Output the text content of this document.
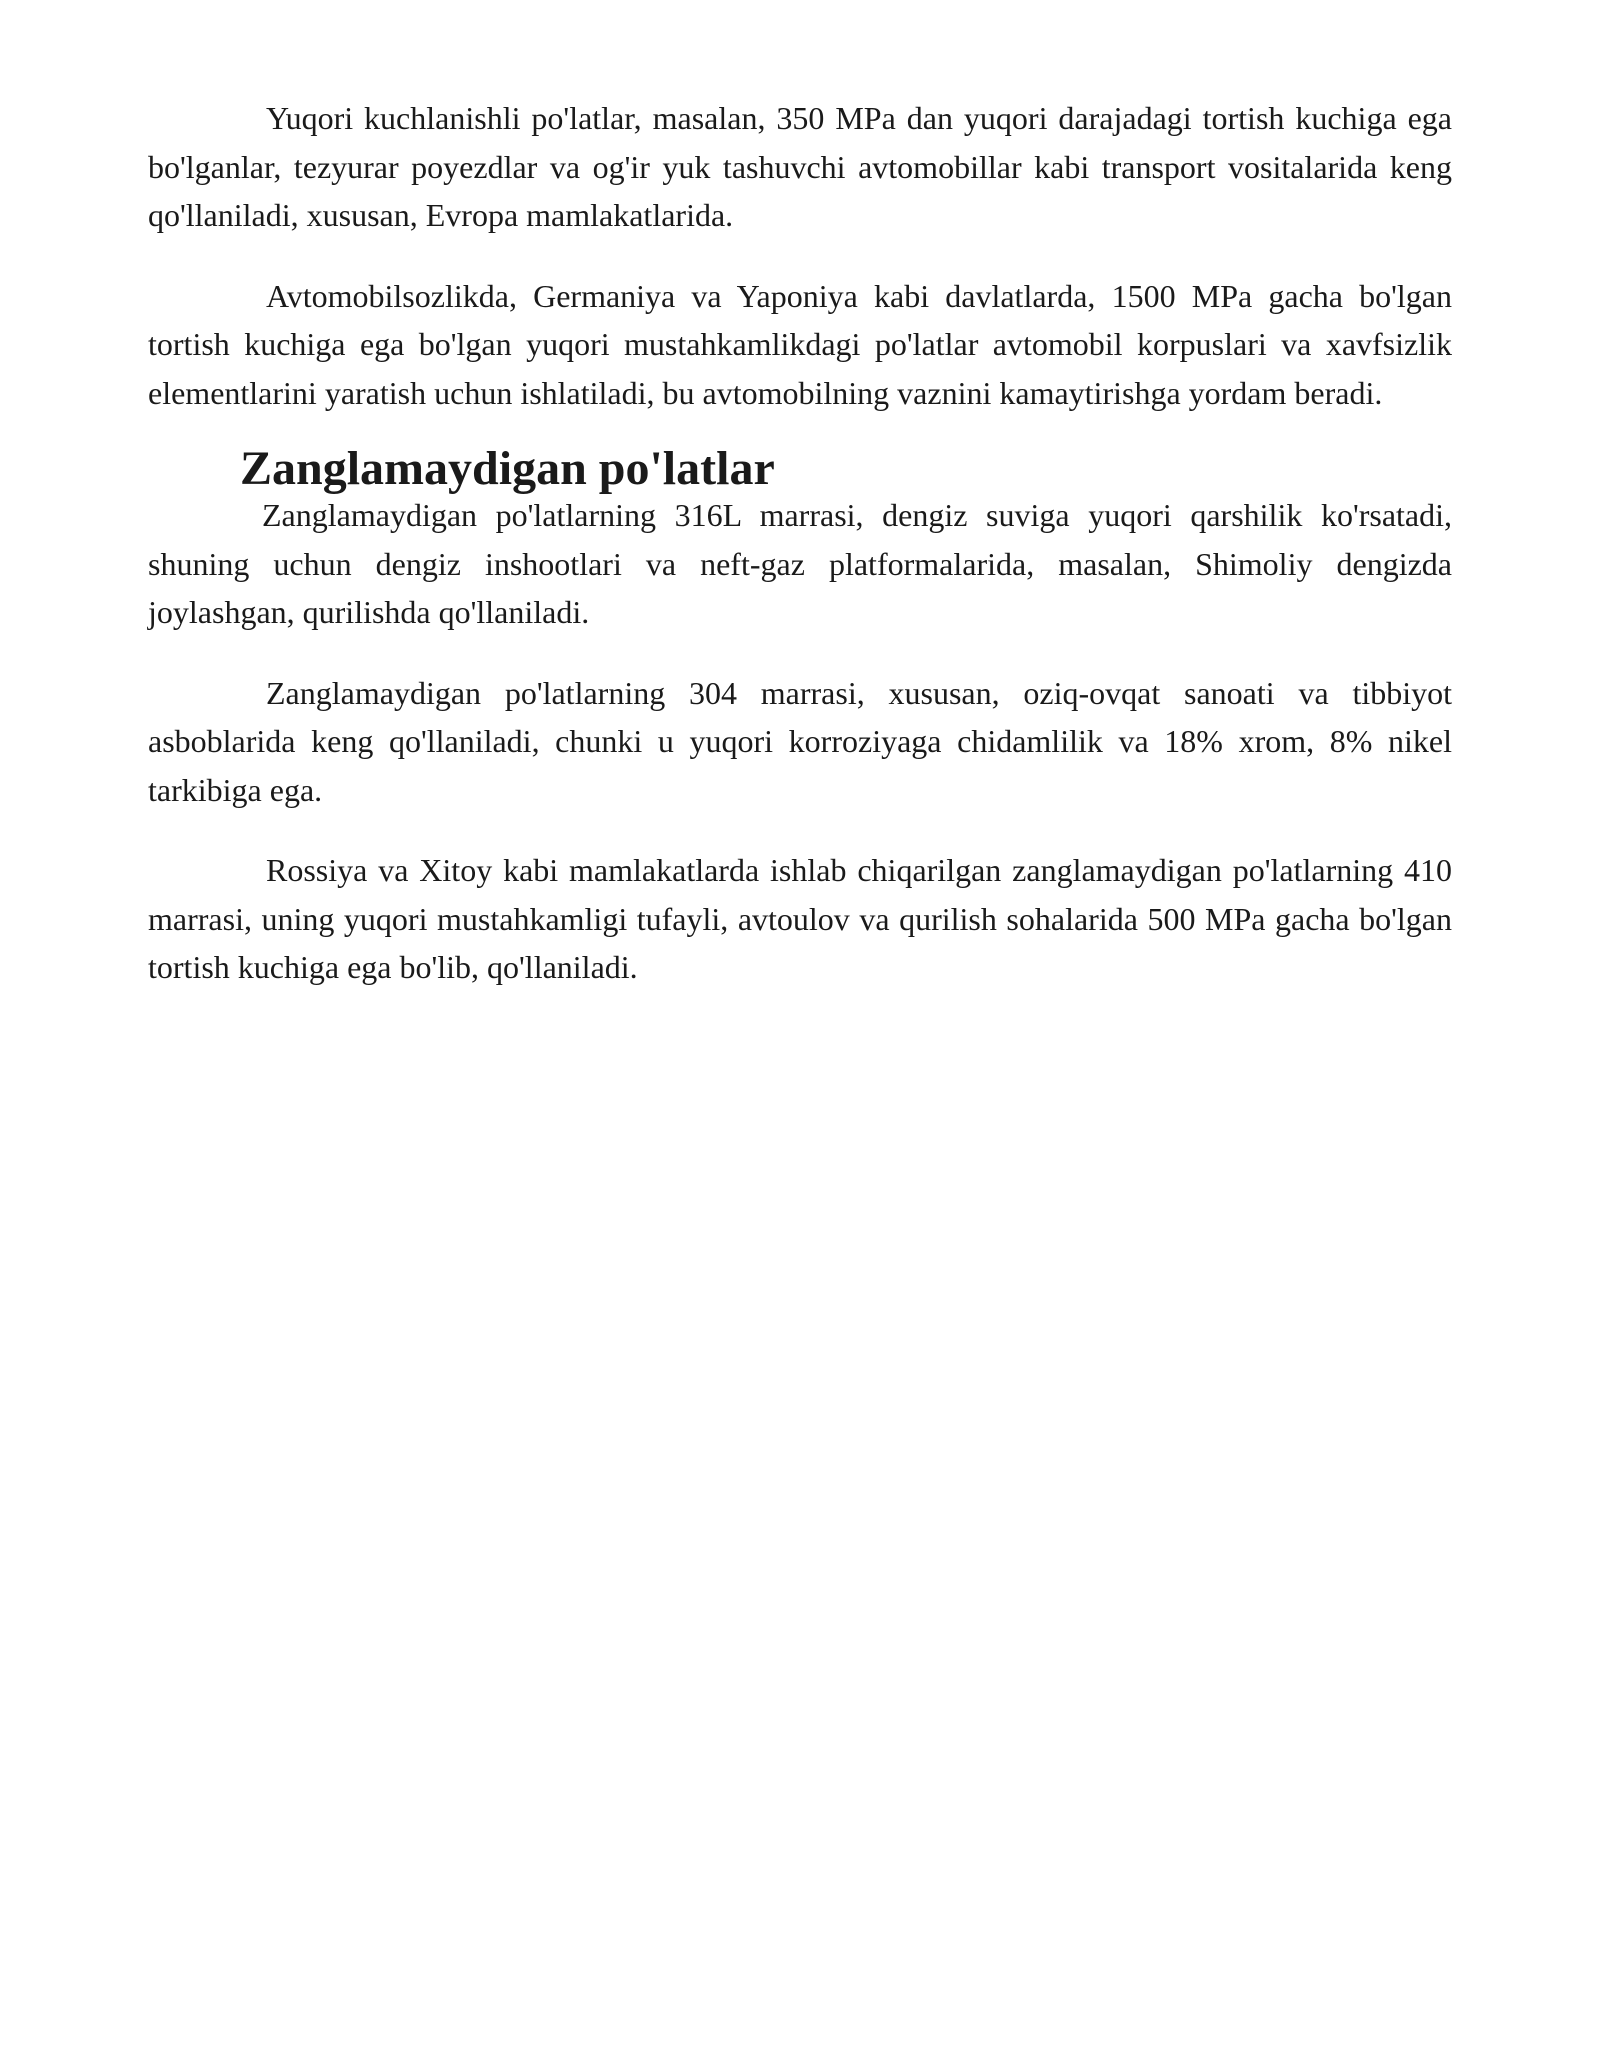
Yuqori kuchlanishli po'latlar, masalan, 350 MPa dan yuqori darajadagi tortish kuchiga ega bo'lganlar, tezyurar poyezdlar va og'ir yuk tashuvchi avtomobillar kabi transport vositalarida keng qo'llaniladi, xususan, Evropa mamlakatlarida.

Avtomobilsozlikda, Germaniya va Yaponiya kabi davlatlarda, 1500 MPa gacha bo'lgan tortish kuchiga ega bo'lgan yuqori mustahkamlikdagi po'latlar avtomobil korpuslari va xavfsizlik elementlarini yaratish uchun ishlatiladi, bu avtomobilning vaznini kamaytirishga yordam beradi.

Zanglamaydigan po'latlar

Zanglamaydigan po'latlarning 316L marrasi, dengiz suviga yuqori qarshilik ko'rsatadi, shuning uchun dengiz inshootlari va neft-gaz platformalarida, masalan, Shimoliy dengizda joylashgan, qurilishda qo'llaniladi.

Zanglamaydigan po'latlarning 304 marrasi, xususan, oziq-ovqat sanoati va tibbiyot asboblarida keng qo'llaniladi, chunki u yuqori korroziyaga chidamlilik va 18% xrom, 8% nikel tarkibiga ega.

Rossiya va Xitoy kabi mamlakatlarda ishlab chiqarilgan zanglamaydigan po'latlarning 410 marrasi, uning yuqori mustahkamligi tufayli, avtoulov va qurilish sohalarida 500 MPa gacha bo'lgan tortish kuchiga ega bo'lib, qo'llaniladi.
